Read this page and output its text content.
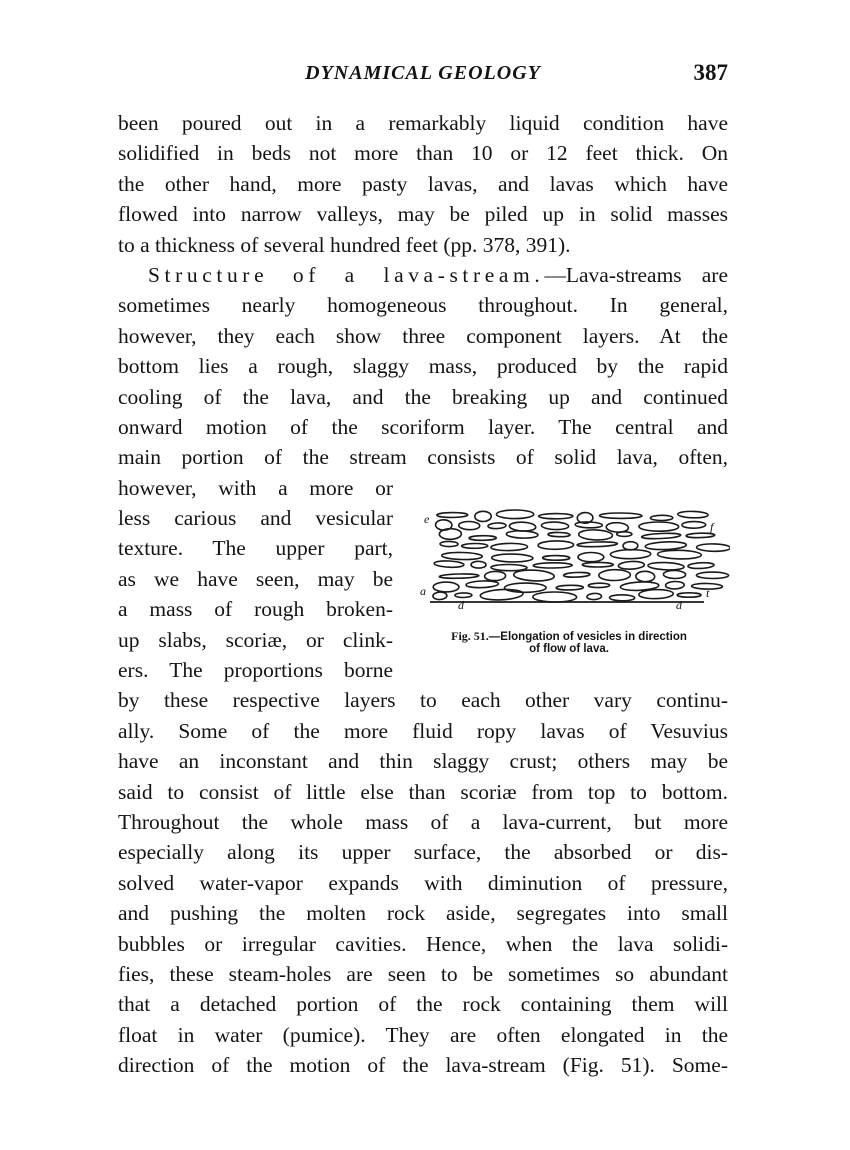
DYNAMICAL GEOLOGY	387
been poured out in a remarkably liquid condition have
solidified in beds not more than 10 or 12 feet thick. On
the other hand, more pasty lavas, and lavas which have
flowed into narrow valleys, may be piled up in solid masses
to a thickness of several hundred feet (pp. 378, 391).
Structure of a lava-stream.—Lava-streams are
sometimes nearly homogeneous throughout. In general,
however, they each show three component layers. At the
bottom lies a rough, slaggy mass, produced by the rapid
cooling of the lava, and the breaking up and continued
onward motion of the scoriform layer. The central and
main portion of the stream consists of solid lava, often,
however, with a more or
less carious and vesicular
texture. The upper part,
as we have seen, may be
a mass of rough broken-
up slabs, scoriæ, or clink-
ers. The proportions borne
by these respective layers to each other vary continu-
ally. Some of the more fluid ropy lavas of Vesuvius
have an inconstant and thin slaggy crust; others may be
said to consist of little else than scoriæ from top to bottom.
Throughout the whole mass of a lava-current, but more
especially along its upper surface, the absorbed or dis-
solved water-vapor expands with diminution of pressure,
and pushing the molten rock aside, segregates into small
bubbles or irregular cavities. Hence, when the lava solidi-
fies, these steam-holes are seen to be sometimes so abundant
that a detached portion of the rock containing them will
float in water (pumice). They are often elongated in the
direction of the motion of the lava-stream (Fig. 51). Some-
e
a
d	d
f
t
Fig. 51.—Elongation of vesicles in direction
of flow of lava.
